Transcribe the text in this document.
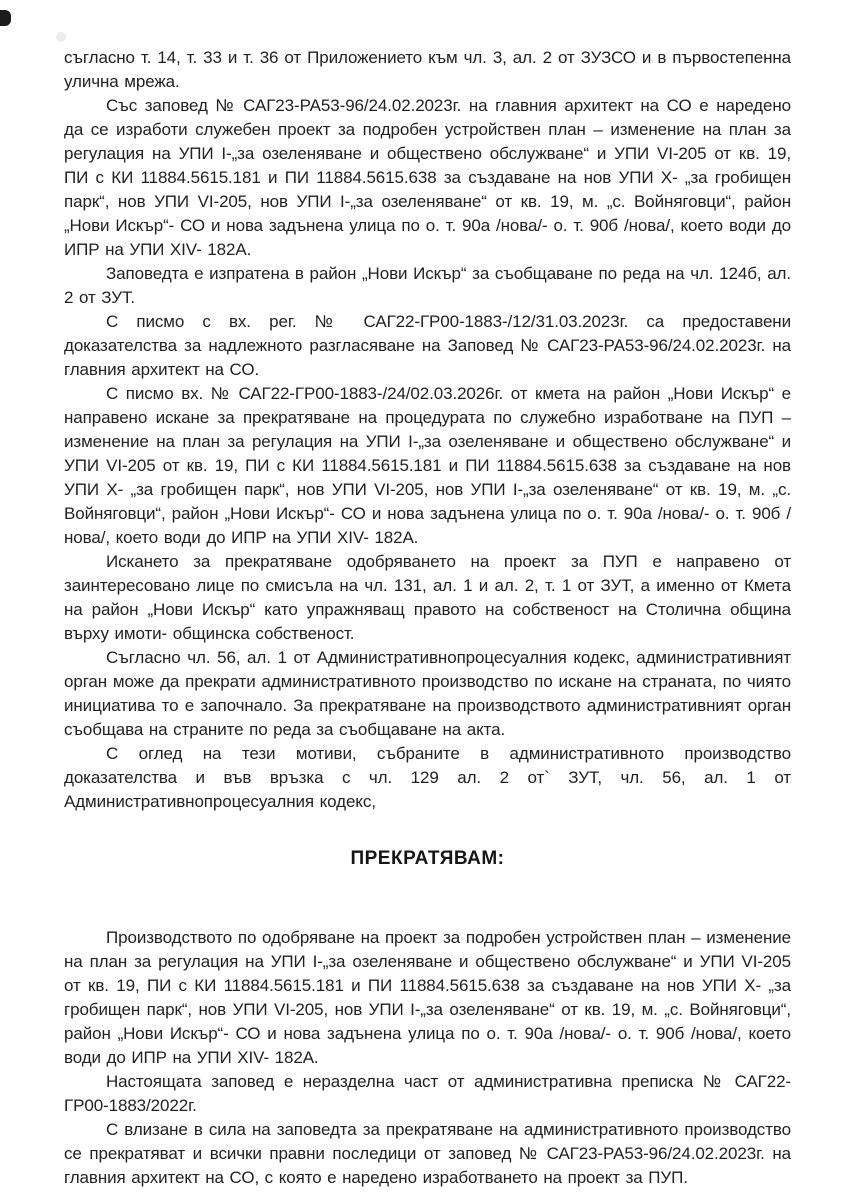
съгласно т. 14, т. 33 и т. 36 от Приложението към чл. 3, ал. 2 от ЗУЗСО и в първостепенна улична мрежа.

Със заповед № САГ23-РА53-96/24.02.2023г. на главния архитект на СО е наредено да се изработи служебен проект за подробен устройствен план – изменение на план за регулация на УПИ I-„за озеленяване и обществено обслужване“ и УПИ VI-205 от кв. 19, ПИ с КИ 11884.5615.181 и ПИ 11884.5615.638 за създаване на нов УПИ X- „за гробищен парк“, нов УПИ VI-205, нов УПИ I-„за озеленяване“ от кв. 19, м. „с. Войняговци“, район „Нови Искър“- СО и нова задънена улица по о. т. 90а /нова/- о. т. 90б /нова/, което води до ИПР на УПИ XIV- 182А.

Заповедта е изпратена в район „Нови Искър“ за съобщаване по реда на чл. 124б, ал. 2 от ЗУТ.

С писмо с вх. рег. № САГ22-ГР00-1883-/12/31.03.2023г. са предоставени доказателства за надлежното разгласяване на Заповед № САГ23-РА53-96/24.02.2023г. на главния архитект на СО.

С писмо вх. № САГ22-ГР00-1883-/24/02.03.2026г. от кмета на район „Нови Искър“ е направено искане за прекратяване на процедурата по служебно изработване на ПУП – изменение на план за регулация на УПИ I-„за озеленяване и обществено обслужване“ и УПИ VI-205 от кв. 19, ПИ с КИ 11884.5615.181 и ПИ 11884.5615.638 за създаване на нов УПИ X- „за гробищен парк“, нов УПИ VI-205, нов УПИ I-„за озеленяване“ от кв. 19, м. „с. Войняговци“, район „Нови Искър“- СО и нова задънена улица по о. т. 90а /нова/- о. т. 90б /нова/, което води до ИПР на УПИ XIV- 182А.

Искането за прекратяване одобряването на проект за ПУП е направено от заинтересовано лице по смисъла на чл. 131, ал. 1 и ал. 2, т. 1 от ЗУТ, а именно от Кмета на район „Нови Искър“ като упражняващ правото на собственост на Столична община върху имоти- общинска собственост.

Съгласно чл. 56, ал. 1 от Административнопроцесуалния кодекс, административният орган може да прекрати административното производство по искане на страната, по чиято инициатива то е започнало. За прекратяване на производството административният орган съобщава на страните по реда за съобщаване на акта.

С оглед на тези мотиви, събраните в административното производство доказателства и във връзка с чл. 129 ал. 2 от` ЗУТ, чл. 56, ал. 1 от Административнопроцесуалния кодекс,

ПРЕКРАТЯВАМ:

Производството по одобряване на проект за подробен устройствен план – изменение на план за регулация на УПИ I-„за озеленяване и обществено обслужване“ и УПИ VI-205 от кв. 19, ПИ с КИ 11884.5615.181 и ПИ 11884.5615.638 за създаване на нов УПИ X- „за гробищен парк“, нов УПИ VI-205, нов УПИ I-„за озеленяване“ от кв. 19, м. „с. Войняговци“, район „Нови Искър“- СО и нова задънена улица по о. т. 90а /нова/- о. т. 90б /нова/, което води до ИПР на УПИ XIV- 182А.

Настоящата заповед е неразделна част от административна преписка № САГ22-ГР00-1883/2022г.

С влизане в сила на заповедта за прекратяване на административното производство се прекратяват и всички правни последици от заповед № САГ23-РА53-96/24.02.2023г. на главния архитект на СО, с която е наредено изработването на проект за ПУП.
